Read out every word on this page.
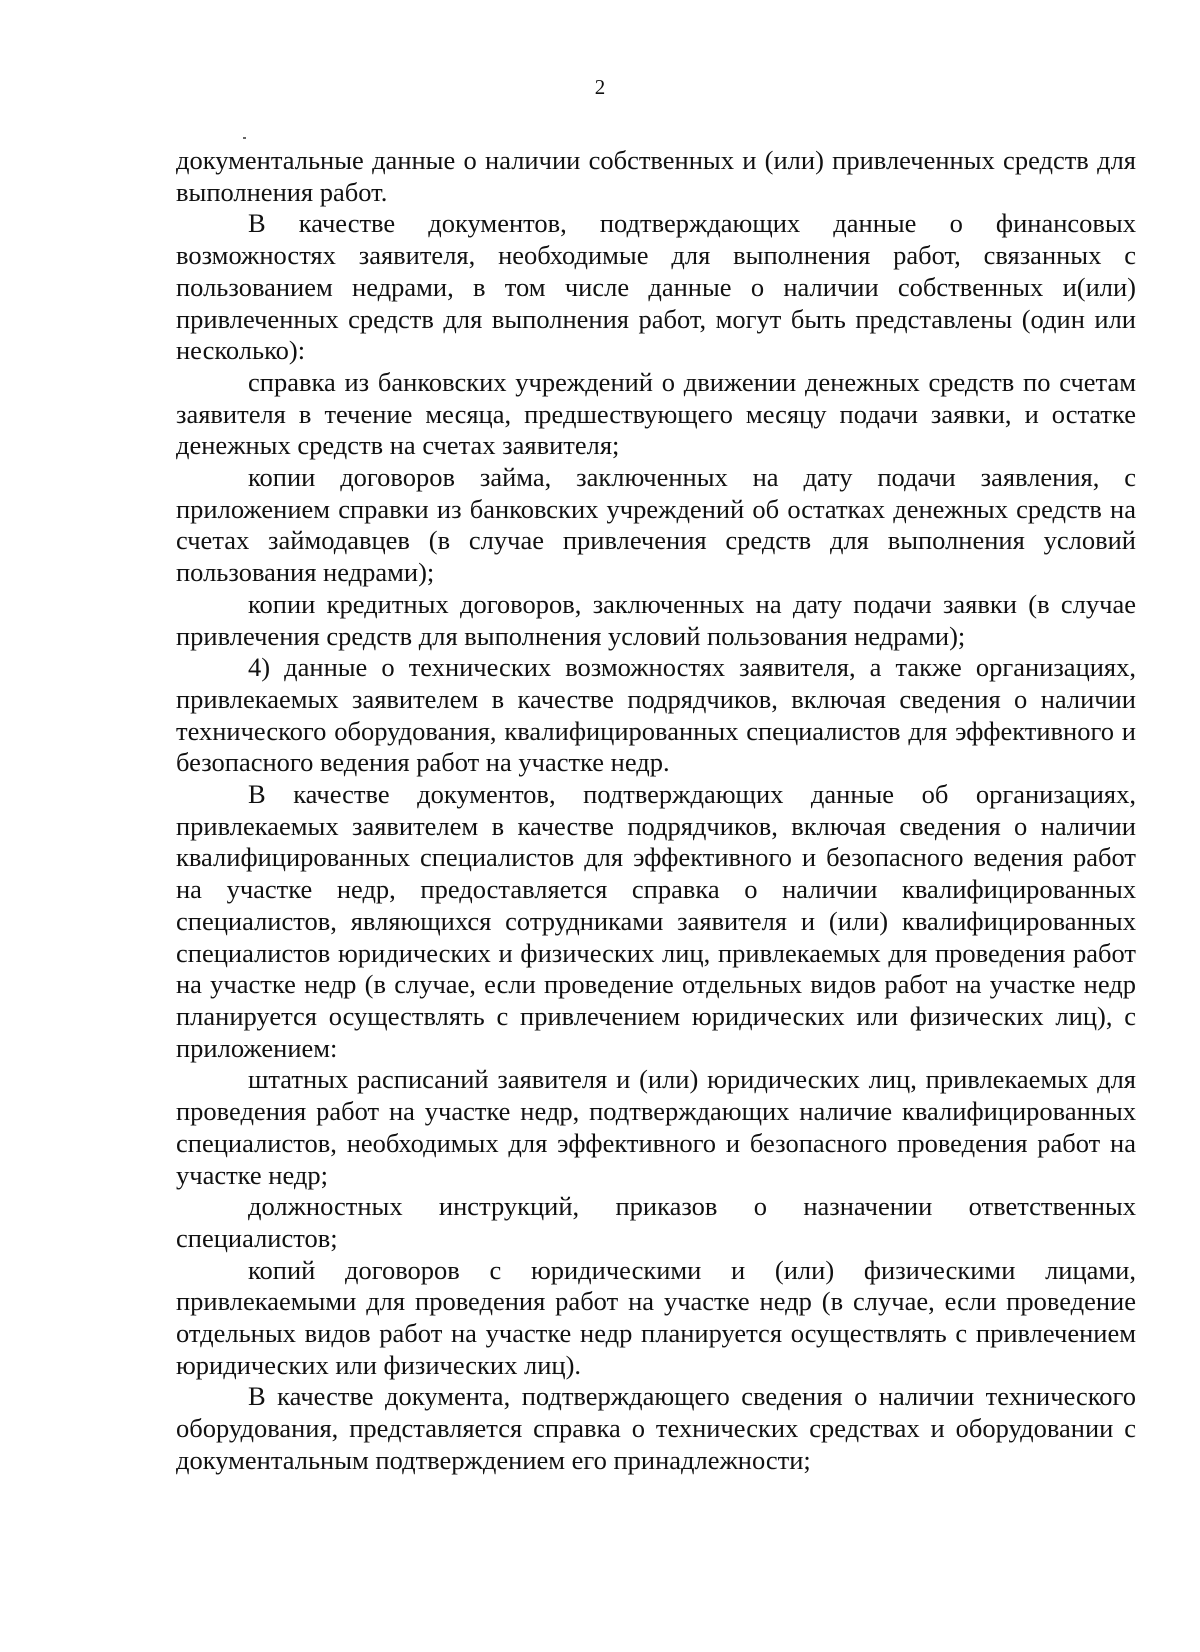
2

документальные данные о наличии собственных и (или) привлеченных средств для выполнения работ.

В качестве документов, подтверждающих данные о финансовых возможностях заявителя, необходимые для выполнения работ, связанных с пользованием недрами, в том числе данные о наличии собственных и(или) привлеченных средств для выполнения работ, могут быть представлены (один или несколько):

справка из банковских учреждений о движении денежных средств по счетам заявителя в течение месяца, предшествующего месяцу подачи заявки, и остатке денежных средств на счетах заявителя;

копии договоров займа, заключенных на дату подачи заявления, с приложением справки из банковских учреждений об остатках денежных средств на счетах займодавцев (в случае привлечения средств для выполнения условий пользования недрами);

копии кредитных договоров, заключенных на дату подачи заявки (в случае привлечения средств для выполнения условий пользования недрами);

4) данные о технических возможностях заявителя, а также организациях, привлекаемых заявителем в качестве подрядчиков, включая сведения о наличии технического оборудования, квалифицированных специалистов для эффективного и безопасного ведения работ на участке недр.

В качестве документов, подтверждающих данные об организациях, привлекаемых заявителем в качестве подрядчиков, включая сведения о наличии квалифицированных специалистов для эффективного и безопасного ведения работ на участке недр, предоставляется справка о наличии квалифицированных специалистов, являющихся сотрудниками заявителя и (или) квалифицированных специалистов юридических и физических лиц, привлекаемых для проведения работ на участке недр (в случае, если проведение отдельных видов работ на участке недр планируется осуществлять с привлечением юридических или физических лиц), с приложением:

штатных расписаний заявителя и (или) юридических лиц, привлекаемых для проведения работ на участке недр, подтверждающих наличие квалифицированных специалистов, необходимых для эффективного и безопасного проведения работ на участке недр;

должностных инструкций, приказов о назначении ответственных специалистов;

копий договоров с юридическими и (или) физическими лицами, привлекаемыми для проведения работ на участке недр (в случае, если проведение отдельных видов работ на участке недр планируется осуществлять с привлечением юридических или физических лиц).

В качестве документа, подтверждающего сведения о наличии технического оборудования, представляется справка о технических средствах и оборудовании с документальным подтверждением его принадлежности;
